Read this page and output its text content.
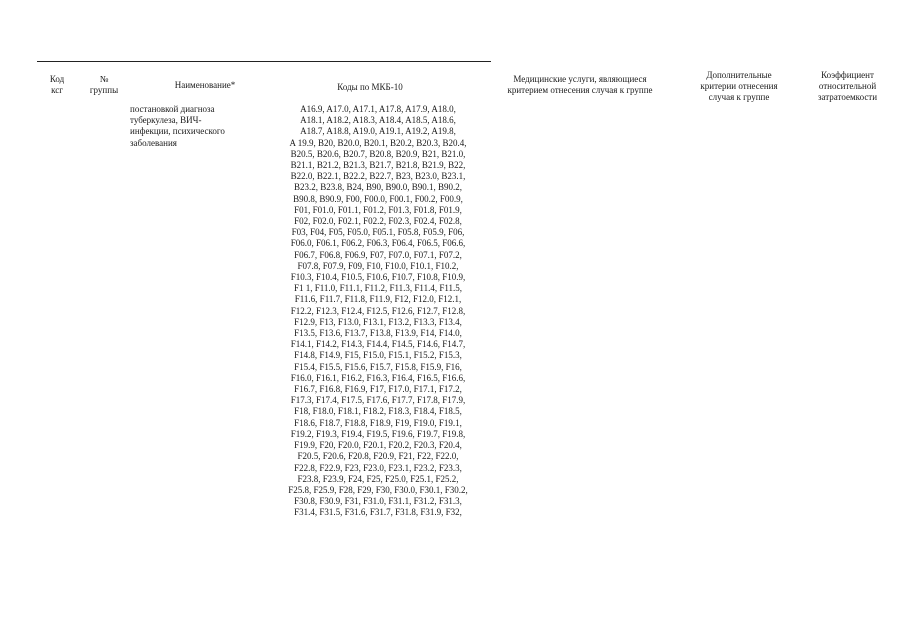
Код
ксг
№
группы	Наименование*	Коды по МКБ-10
Медицинские услуги, являющиеся
критерием отнесения случая к группе
Дополнительные
критерии отнесения
случая к группе
Коэффициент
относительной
затратоемкости
постановкой диагноза
туберкулеза, ВИЧ-
инфекции, психического
заболевания
A16.9, A17.0, A17.1, A17.8, A17.9, A18.0,
A18.1, A18.2, A18.3, A18.4, A18.5, A18.6,
A18.7, A18.8, A19.0, A19.1, A19.2, A19.8,
A 19.9, B20, B20.0, B20.1, B20.2, B20.3, B20.4,
B20.5, B20.6, B20.7, B20.8, B20.9, B21, B21.0,
B21.1, B21.2, B21.3, B21.7, B21.8, B21.9, B22,
B22.0, B22.1, B22.2, B22.7, B23, B23.0, B23.1,
B23.2, B23.8, B24, B90, B90.0, B90.1, B90.2,
B90.8, B90.9, F00, F00.0, F00.1, F00.2, F00.9,
F01, F01.0, F01.1, F01.2, F01.3, F01.8, F01.9,
F02, F02.0, F02.1, F02.2, F02.3, F02.4, F02.8,
F03, F04, F05, F05.0, F05.1, F05.8, F05.9, F06,
F06.0, F06.1, F06.2, F06.3, F06.4, F06.5, F06.6,
F06.7, F06.8, F06.9, F07, F07.0, F07.1, F07.2,
F07.8, F07.9, F09, F10, F10.0, F10.1, F10.2,
F10.3, F10.4, F10.5, F10.6, F10.7, F10.8, F10.9,
F1 1, F11.0, F11.1, F11.2, F11.3, F11.4, F11.5,
F11.6, F11.7, F11.8, F11.9, F12, F12.0, F12.1,
F12.2, F12.3, F12.4, F12.5, F12.6, F12.7, F12.8,
F12.9, F13, F13.0, F13.1, F13.2, F13.3, F13.4,
F13.5, F13.6, F13.7, F13.8, F13.9, F14, F14.0,
F14.1, F14.2, F14.3, F14.4, F14.5, F14.6, F14.7,
F14.8, F14.9, F15, F15.0, F15.1, F15.2, F15.3,
F15.4, F15.5, F15.6, F15.7, F15.8, F15.9, F16,
F16.0, F16.1, F16.2, F16.3, F16.4, F16.5, F16.6,
F16.7, F16.8, F16.9, F17, F17.0, F17.1, F17.2,
F17.3, F17.4, F17.5, F17.6, F17.7, F17.8, F17.9,
F18, F18.0, F18.1, F18.2, F18.3, F18.4, F18.5,
F18.6, F18.7, F18.8, F18.9, F19, F19.0, F19.1,
F19.2, F19.3, F19.4, F19.5, F19.6, F19.7, F19.8,
F19.9, F20, F20.0, F20.1, F20.2, F20.3, F20.4,
F20.5, F20.6, F20.8, F20.9, F21, F22, F22.0,
F22.8, F22.9, F23, F23.0, F23.1, F23.2, F23.3,
F23.8, F23.9, F24, F25, F25.0, F25.1, F25.2,
F25.8, F25.9, F28, F29, F30, F30.0, F30.1, F30.2,
F30.8, F30.9, F31, F31.0, F31.1, F31.2, F31.3,
F31.4, F31.5, F31.6, F31.7, F31.8, F31.9, F32,
